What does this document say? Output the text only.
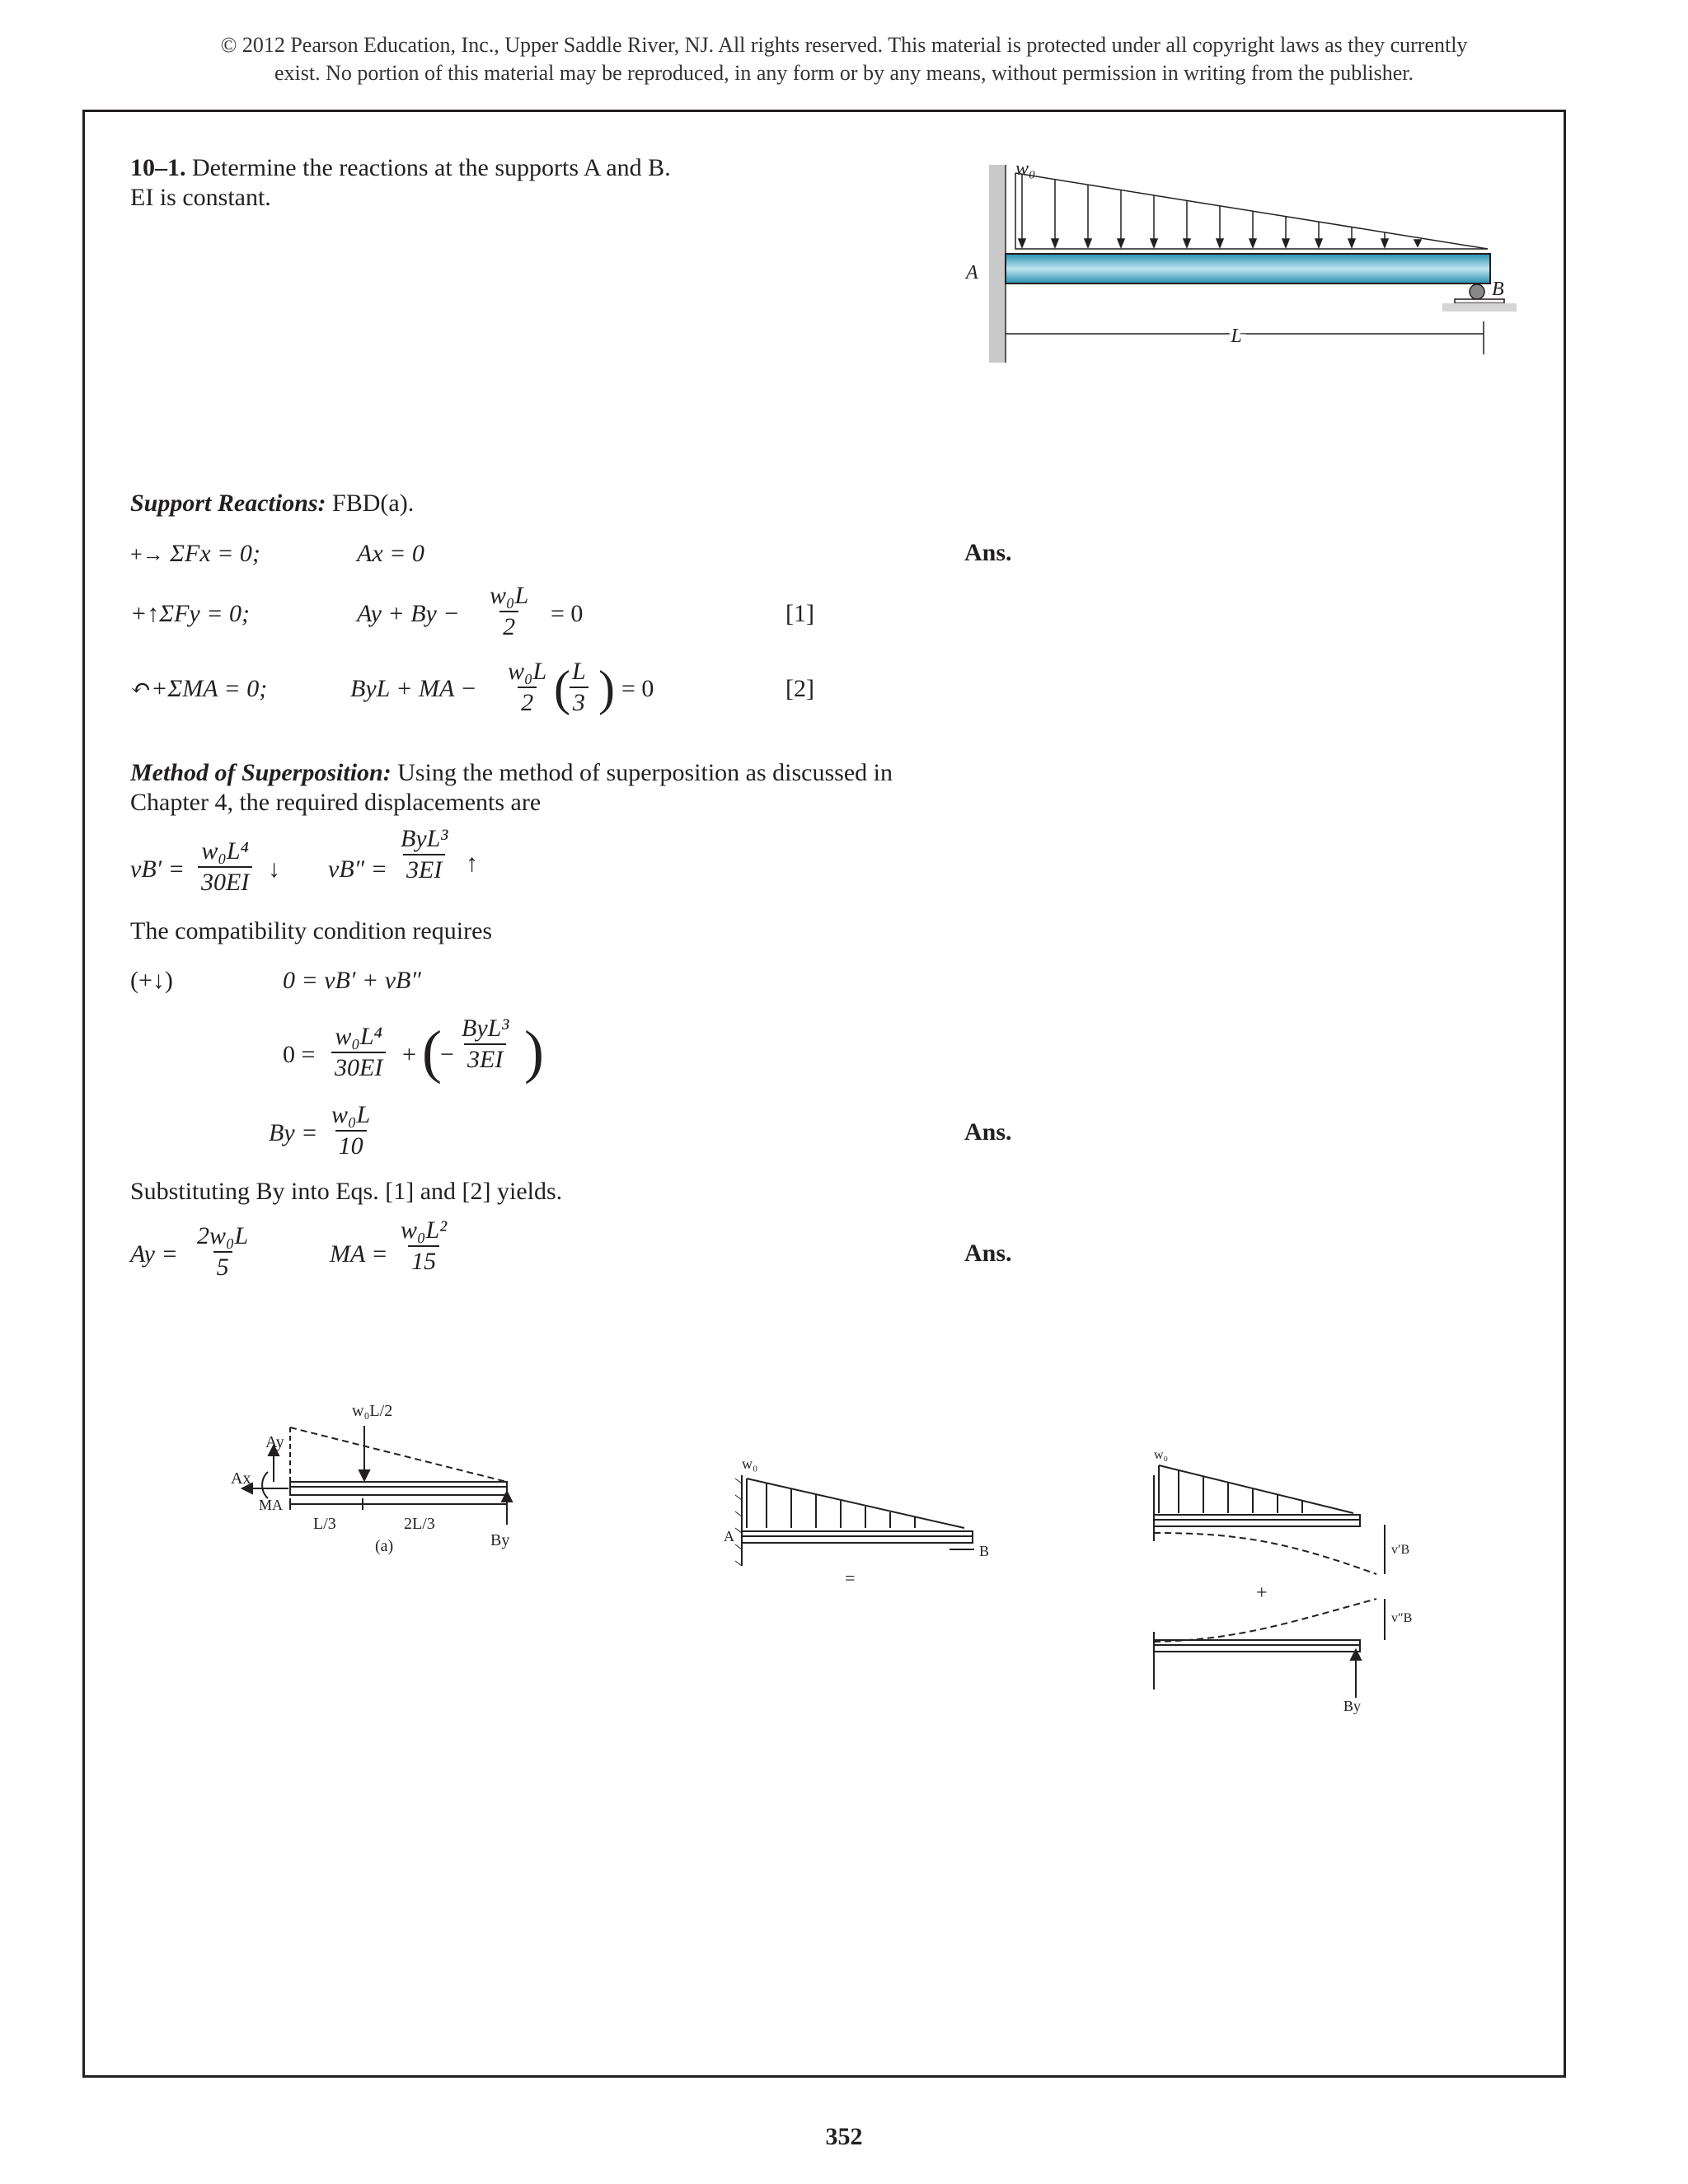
© 2012 Pearson Education, Inc., Upper Saddle River, NJ. All rights reserved. This material is protected under all copyright laws as they currently
exist. No portion of this material may be reproduced, in any form or by any means, without permission in writing from the publisher.
10–1. Determine the reactions at the supports A and B.
EI is constant.
L
w₀
A
B
Support Reactions: FBD(a).
+→ ΣFx = 0;	Ax = 0	Ans.
+↑ΣFy = 0;	$Ay + By - \frac{\text{w₀L}}{2} = 0$	[1]
↶+ΣMA = 0;	ByL + MA − $\frac{\text{w₀L}}{2}$ (
$\frac{L}{3}$ ) = 0	[2]
Method of Superposition: Using the method of superposition as discussed in
Chapter 4, the required displacements are
$vB' = \frac{\text{w₀L⁴}}{30EI}$ ↓ vB″ =
ByL³
3EI ↑
The compatibility condition requires
(+↓)	0 = vB′ + vB″
$0 = \frac{\text{w₀L⁴}}{30EI}$ + (
−
ByL³
3EI )
$By = \frac{\text{w₀L}}{10}$	Ans.
Substituting By into Eqs. [1] and [2] yields.
$Ay = \frac{\text{2w₀L}}{5}$	MA = $\frac{\text{w₀L²}}{15}$	Ans.
w₀L/2
Ay
Ax
MA
L/3	2L/3
By
(a)
w₀
A
B
=
w₀
+
v′B
v″B
By
352
